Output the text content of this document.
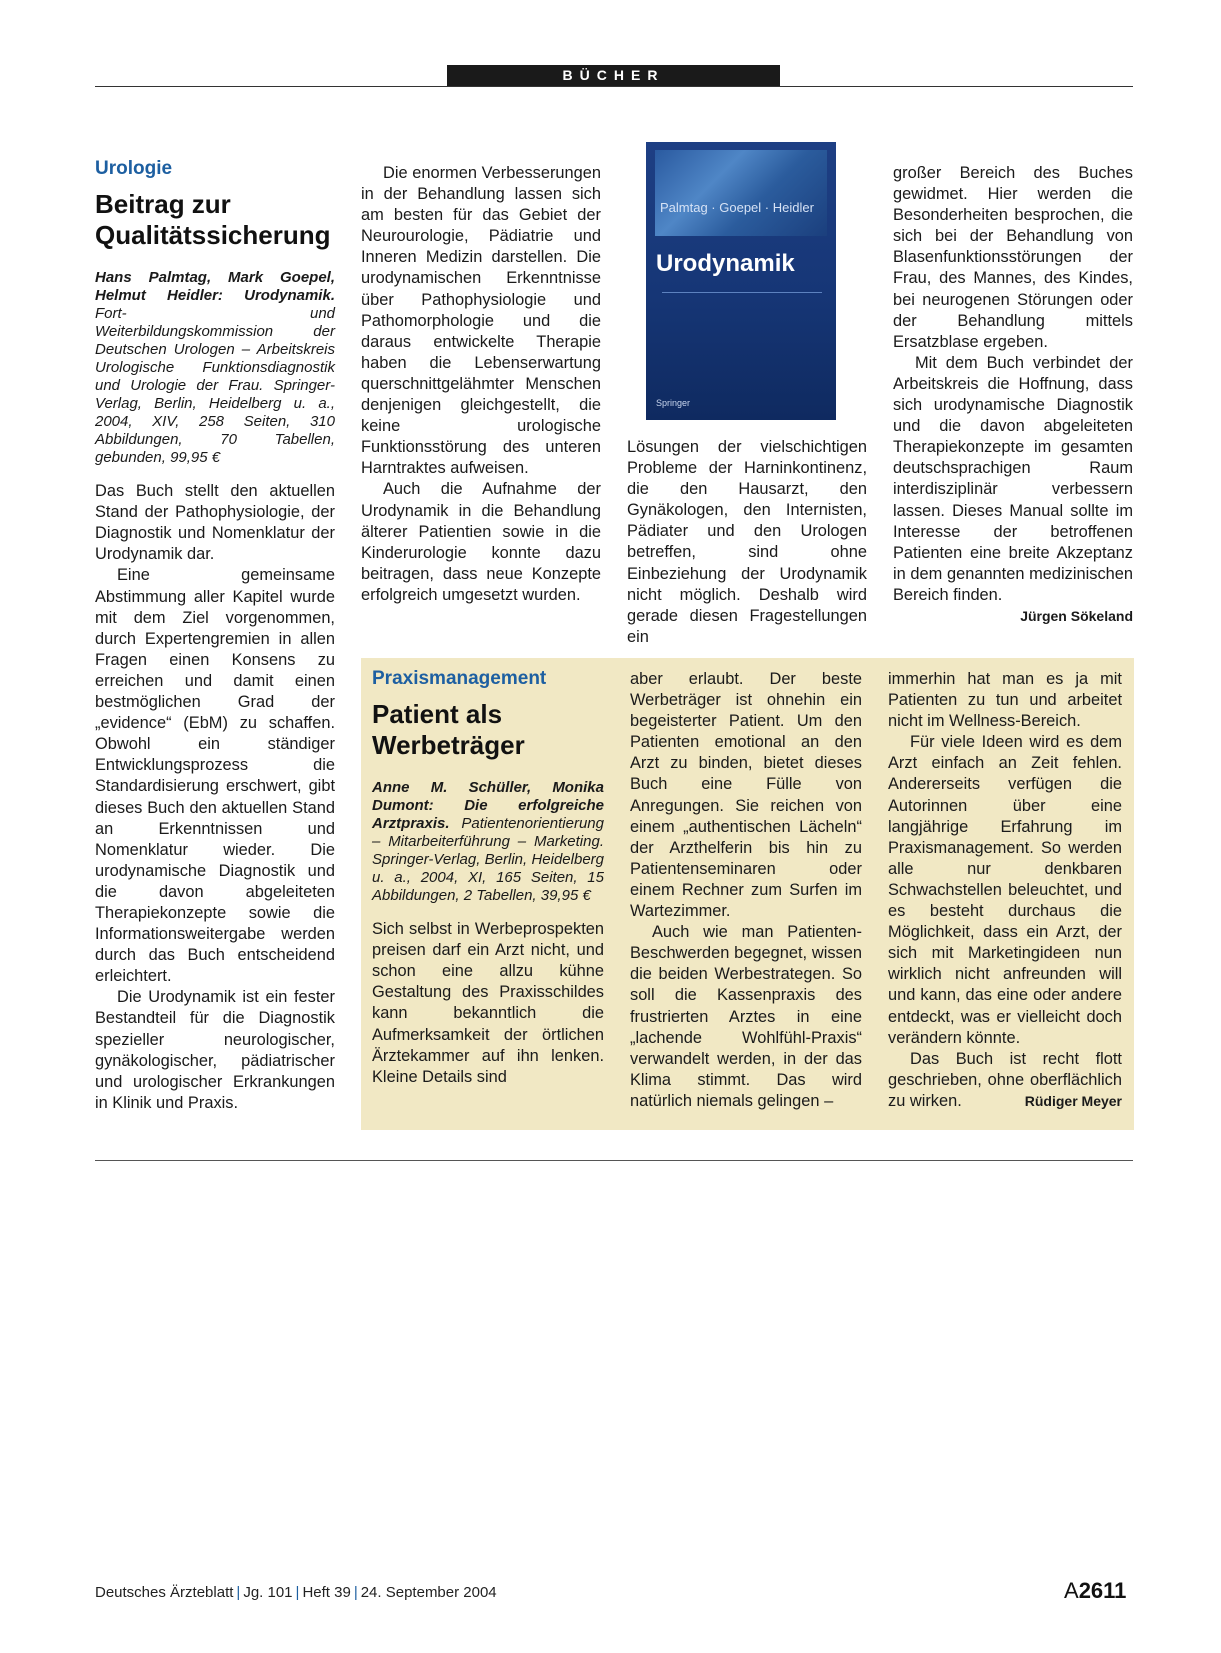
BÜCHER
Urologie
Beitrag zur Qualitätssicherung
Hans Palmtag, Mark Goepel, Helmut Heidler: Urodynamik. Fort- und Weiterbildungskommission der Deutschen Urologen – Arbeitskreis Urologische Funktionsdiagnostik und Urologie der Frau. Springer-Verlag, Berlin, Heidelberg u. a., 2004, XIV, 258 Seiten, 310 Abbildungen, 70 Tabellen, gebunden, 99,95 €

Das Buch stellt den aktuellen Stand der Pathophysiologie, der Diagnostik und Nomenklatur der Urodynamik dar.

Eine gemeinsame Abstimmung aller Kapitel wurde mit dem Ziel vorgenommen, durch Expertengremien in allen Fragen einen Konsens zu erreichen und damit einen bestmöglichen Grad der „evidence“ (EbM) zu schaffen. Obwohl ein ständiger Entwicklungsprozess die Standardisierung erschwert, gibt dieses Buch den aktuellen Stand an Erkenntnissen und Nomenklatur wieder. Die urodynamische Diagnostik und die davon abgeleiteten Therapiekonzepte sowie die Informationsweitergabe werden durch das Buch entscheidend erleichtert.

Die Urodynamik ist ein fester Bestandteil für die Diagnostik spezieller neurologischer, gynäkologischer, pädiatrischer und urologischer Erkrankungen in Klinik und Praxis.

Die enormen Verbesserungen in der Behandlung lassen sich am besten für das Gebiet der Neurourologie, Pädiatrie und Inneren Medizin darstellen. Die urodynamischen Erkenntnisse über Pathophysiologie und Pathomorphologie und die daraus entwickelte Therapie haben die Lebenserwartung querschnittgelähmter Menschen denjenigen gleichgestellt, die keine urologische Funktionsstörung des unteren Harntraktes aufweisen.

Auch die Aufnahme der Urodynamik in die Behandlung älterer Patientien sowie in die Kinderurologie konnte dazu beitragen, dass neue Konzepte erfolgreich umgesetzt wurden.

Palmtag · Goepel · Heidler
Urodynamik
Springer

Lösungen der vielschichtigen Probleme der Harninkontinenz, die den Hausarzt, den Gynäkologen, den Internisten, Pädiater und den Urologen betreffen, sind ohne Einbeziehung der Urodynamik nicht möglich. Deshalb wird gerade diesen Fragestellungen ein

großer Bereich des Buches gewidmet. Hier werden die Besonderheiten besprochen, die sich bei der Behandlung von Blasenfunktionsstörungen der Frau, des Mannes, des Kindes, bei neurogenen Störungen oder der Behandlung mittels Ersatzblase ergeben.

Mit dem Buch verbindet der Arbeitskreis die Hoffnung, dass sich urodynamische Diagnostik und die davon abgeleiteten Therapiekonzepte im gesamten deutschsprachigen Raum interdisziplinär verbessern lassen. Dieses Manual sollte im Interesse der betroffenen Patienten eine breite Akzeptanz in dem genannten medizinischen Bereich finden.
Jürgen Sökeland

Praxismanagement
Patient als Werbeträger
Anne M. Schüller, Monika Dumont: Die erfolgreiche Arztpraxis. Patientenorientierung – Mitarbeiterführung – Marketing. Springer-Verlag, Berlin, Heidelberg u. a., 2004, XI, 165 Seiten, 15 Abbildungen, 2 Tabellen, 39,95 €

Sich selbst in Werbeprospekten preisen darf ein Arzt nicht, und schon eine allzu kühne Gestaltung des Praxisschildes kann bekanntlich die Aufmerksamkeit der örtlichen Ärztekammer auf ihn lenken. Kleine Details sind

aber erlaubt. Der beste Werbeträger ist ohnehin ein begeisterter Patient. Um den Patienten emotional an den Arzt zu binden, bietet dieses Buch eine Fülle von Anregungen. Sie reichen von einem „authentischen Lächeln“ der Arzthelferin bis hin zu Patientenseminaren oder einem Rechner zum Surfen im Wartezimmer.

Auch wie man Patienten-Beschwerden begegnet, wissen die beiden Werbestrategen. So soll die Kassenpraxis des frustrierten Arztes in eine „lachende Wohlfühl-Praxis“ verwandelt werden, in der das Klima stimmt. Das wird natürlich niemals gelingen –

immerhin hat man es ja mit Patienten zu tun und arbeitet nicht im Wellness-Bereich.

Für viele Ideen wird es dem Arzt einfach an Zeit fehlen. Andererseits verfügen die Autorinnen über eine langjährige Erfahrung im Praxismanagement. So werden alle nur denkbaren Schwachstellen beleuchtet, und es besteht durchaus die Möglichkeit, dass ein Arzt, der sich mit Marketingideen nun wirklich nicht anfreunden will und kann, das eine oder andere entdeckt, was er vielleicht doch verändern könnte.

Das Buch ist recht flott geschrieben, ohne oberflächlich zu wirken.	Rüdiger Meyer

Deutsches Ärzteblatt | Jg. 101 | Heft 39 | 24. September 2004	A2611
